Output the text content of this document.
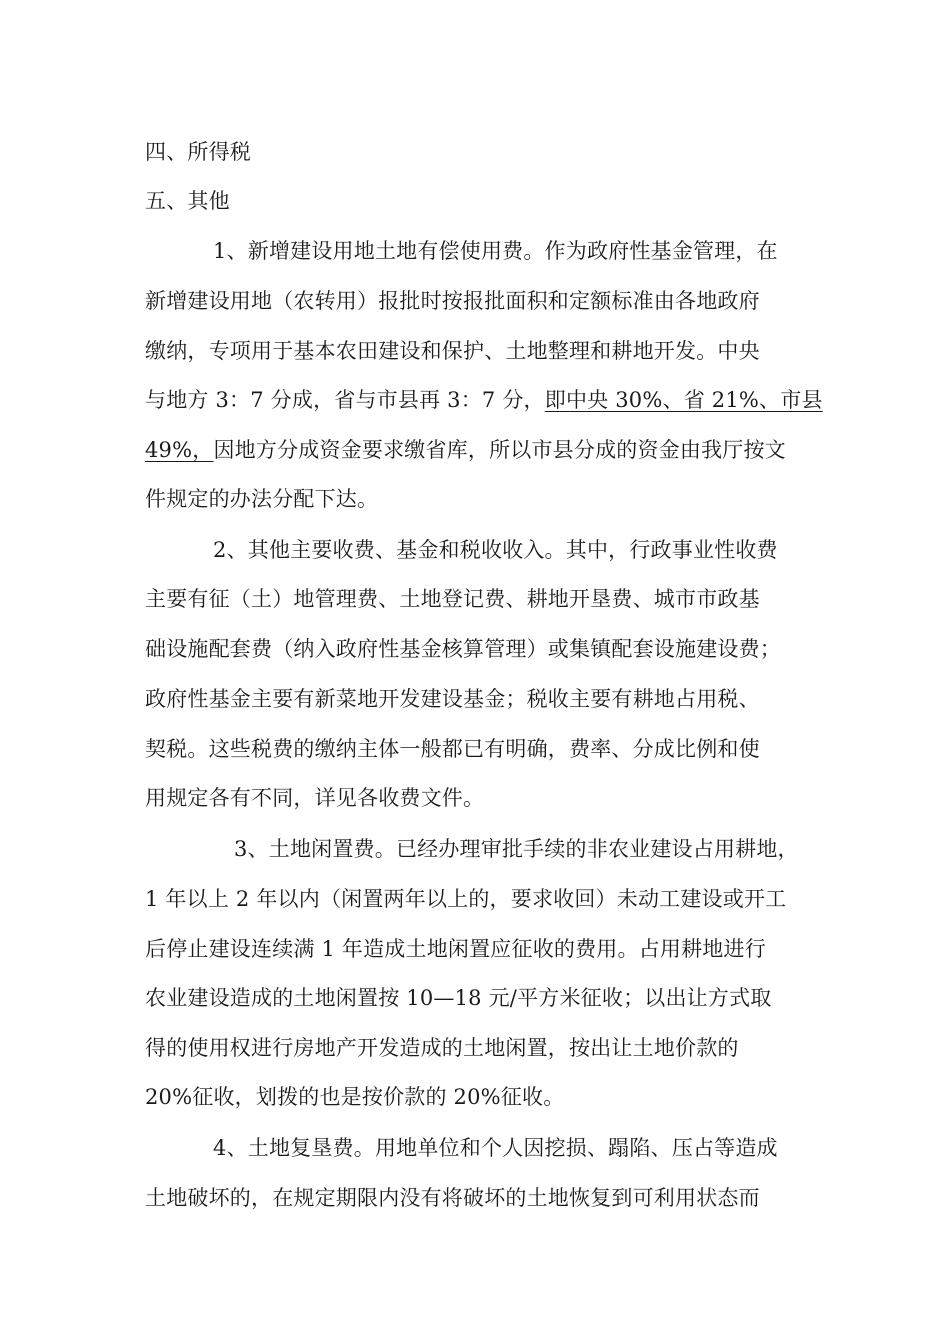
四、所得税
五、其他
1、新增建设用地土地有偿使用费。作为政府性基金管理，在
新增建设用地（农转用）报批时按报批面积和定额标准由各地政府
缴纳，专项用于基本农田建设和保护、土地整理和耕地开发。中央
与地方 3：7 分成，省与市县再 3：7 分，即中央 30%、省 21%、市县
49%，因地方分成资金要求缴省库，所以市县分成的资金由我厅按文
件规定的办法分配下达。
2、其他主要收费、基金和税收收入。其中，行政事业性收费
主要有征（土）地管理费、土地登记费、耕地开垦费、城市市政基
础设施配套费（纳入政府性基金核算管理）或集镇配套设施建设费；
政府性基金主要有新菜地开发建设基金；税收主要有耕地占用税、
契税。这些税费的缴纳主体一般都已有明确，费率、分成比例和使
用规定各有不同，详见各收费文件。
3、土地闲置费。已经办理审批手续的非农业建设占用耕地，
1 年以上 2 年以内（闲置两年以上的，要求收回）未动工建设或开工
后停止建设连续满 1 年造成土地闲置应征收的费用。占用耕地进行
农业建设造成的土地闲置按 10—18 元/平方米征收；以出让方式取
得的使用权进行房地产开发造成的土地闲置，按出让土地价款的
20%征收，划拨的也是按价款的 20%征收。
4、土地复垦费。用地单位和个人因挖损、蹋陷、压占等造成
土地破坏的，在规定期限内没有将破坏的土地恢复到可利用状态而
